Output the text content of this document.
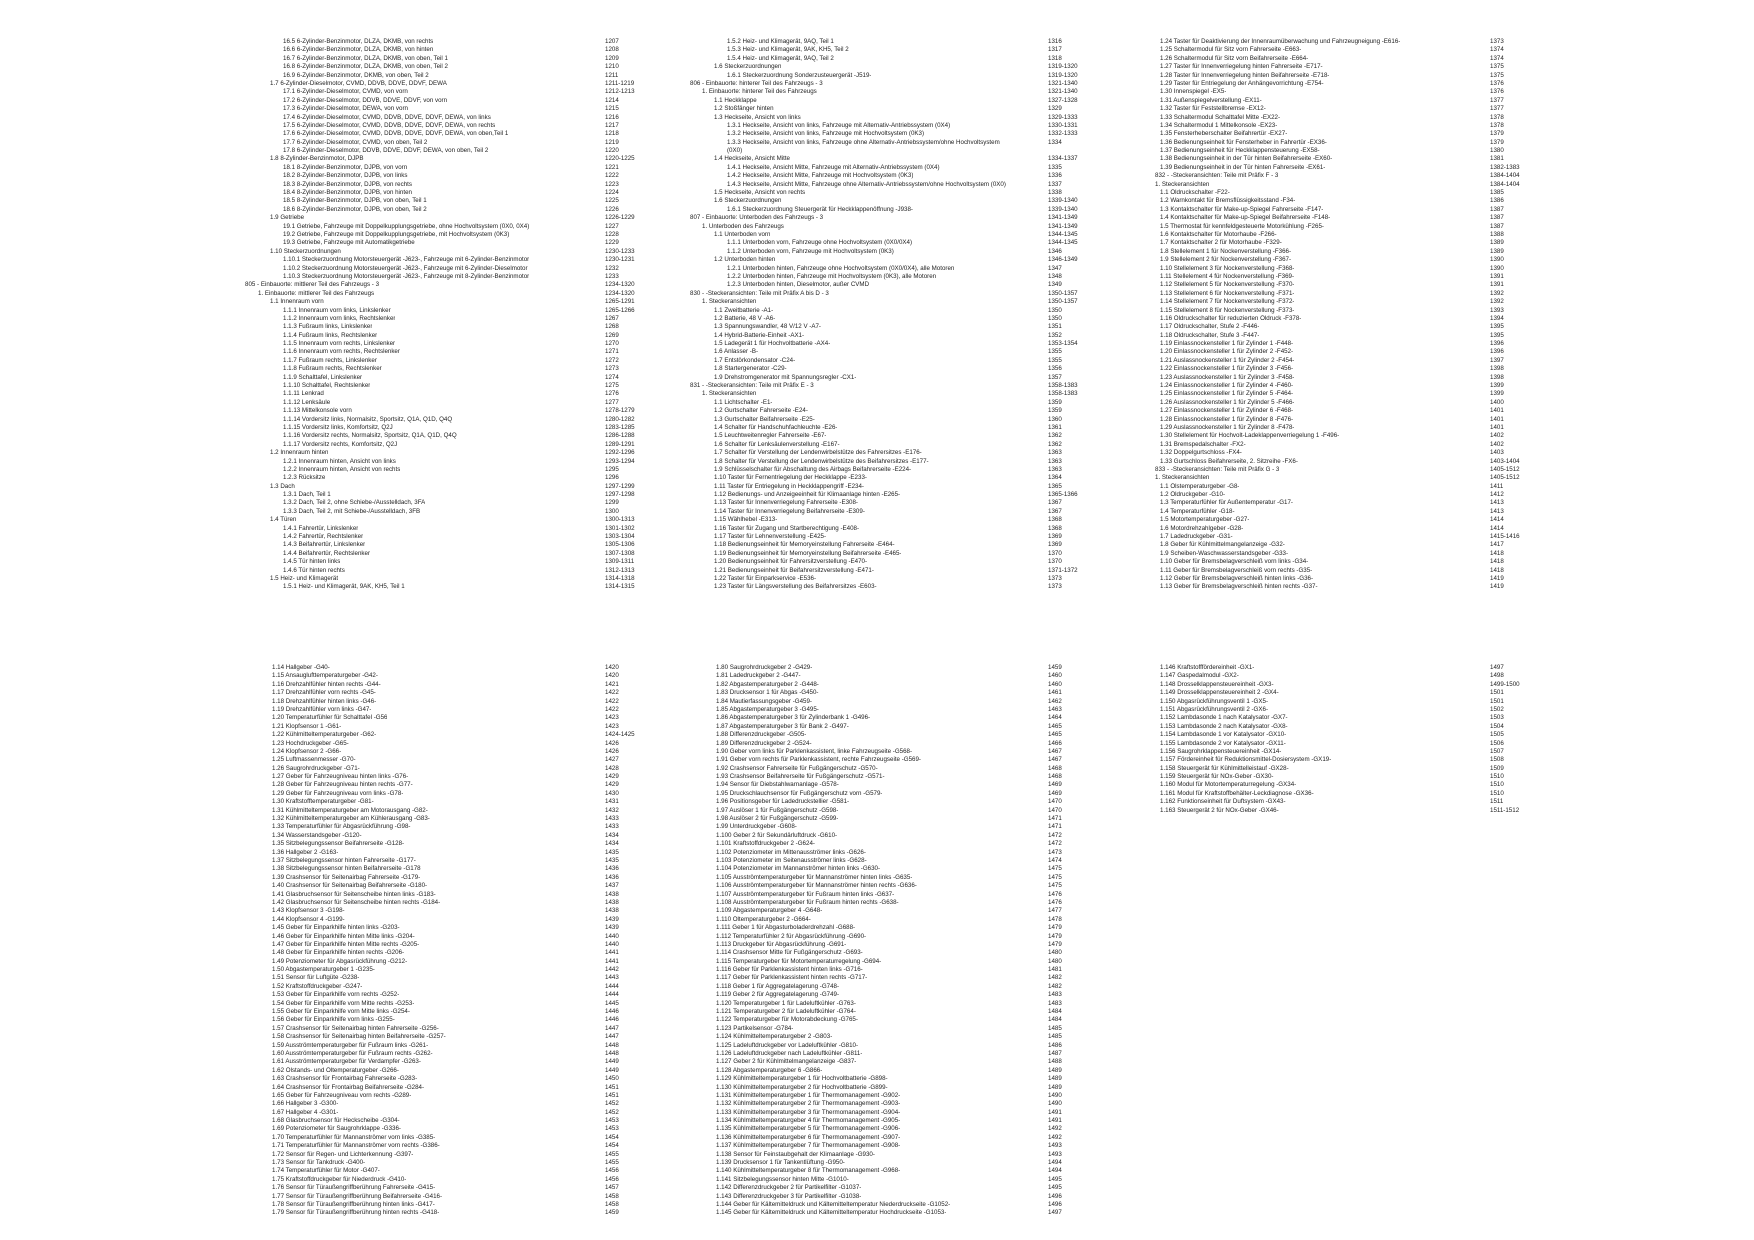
16.5 6-Zylinder-Benzinmotor, DLZA, DKMB, von rechts	1207
16.6 6-Zylinder-Benzinmotor, DLZA, DKMB, von hinten	1208
16.7 6-Zylinder-Benzinmotor, DLZA, DKMB, von oben, Teil 1	1209
16.8 6-Zylinder-Benzinmotor, DLZA, DKMB, von oben, Teil 2	1210
16.9 6-Zylinder-Benzinmotor, DKMB, von oben, Teil 2	1211
1.7 6-Zylinder-Dieselmotor, CVMD, DDVB, DDVE, DDVF, DEWA	1211-1219
17.1 6-Zylinder-Dieselmotor, CVMD, von vorn	1212-1213
17.2 6-Zylinder-Dieselmotor, DDVB, DDVE, DDVF, von vorn	1214
17.3 6-Zylinder-Dieselmotor, DEWA, von vorn	1215
17.4 6-Zylinder-Dieselmotor, CVMD, DDVB, DDVE, DDVF, DEWA, von links	1216
17.5 6-Zylinder-Dieselmotor, CVMD, DDVB, DDVE, DDVF, DEWA, von rechts	1217
17.6 6-Zylinder-Dieselmotor, CVMD, DDVB, DDVE, DDVF, DEWA, von oben,Teil 1	1218
17.7 6-Zylinder-Dieselmotor, CVMD, von oben, Teil 2	1219
17.8 6-Zylinder-Dieselmotor, DDVB, DDVE, DDVF, DEWA, von oben, Teil 2	1220
1.8 8-Zylinder-Benzinmotor, DJPB	1220-1225
18.1 8-Zylinder-Benzinmotor, DJPB, von vorn	1221
18.2 8-Zylinder-Benzinmotor, DJPB, von links	1222
18.3 8-Zylinder-Benzinmotor, DJPB, von rechts	1223
18.4 8-Zylinder-Benzinmotor, DJPB, von hinten	1224
18.5 8-Zylinder-Benzinmotor, DJPB, von oben, Teil 1	1225
18.6 8-Zylinder-Benzinmotor, DJPB, von oben, Teil 2	1226
1.9 Getriebe	1226-1229
19.1 Getriebe, Fahrzeuge mit Doppelkupplungsgetriebe, ohne Hochvoltsystem (0X0, 0X4)	1227
19.2 Getriebe, Fahrzeuge mit Doppelkupplungsgetriebe, mit Hochvoltsystem (0K3)	1228
19.3 Getriebe, Fahrzeuge mit Automatikgetriebe	1229
1.10 Steckerzuordnungen	1230-1233
1.10.1 Steckerzuordnung Motorsteuergerät -J623-, Fahrzeuge mit 6-Zylinder-Benzinmotor	1230-1231
1.10.2 Steckerzuordnung Motorsteuergerät -J623-, Fahrzeuge mit 6-Zylinder-Dieselmotor	1232
1.10.3 Steckerzuordnung Motorsteuergerät -J623-, Fahrzeuge mit 8-Zylinder-Benzinmotor	1233
805 - Einbauorte: mittlerer Teil des Fahrzeugs - 3	1234-1320
1. Einbauorte: mittlerer Teil des Fahrzeugs	1234-1320
1.1 Innenraum vorn	1265-1291
1.1.1 Innenraum vorn links, Linkslenker	1265-1266
1.1.2 Innenraum vorn links, Rechtslenker	1267
1.1.3 Fußraum links, Linkslenker	1268
1.1.4 Fußraum links, Rechtslenker	1269
1.1.5 Innenraum vorn rechts, Linkslenker	1270
1.1.6 Innenraum vorn rechts, Rechtslenker	1271
1.1.7 Fußraum rechts, Linkslenker	1272
1.1.8 Fußraum rechts, Rechtslenker	1273
1.1.9 Schalttafel, Linkslenker	1274
1.1.10 Schalttafel, Rechtslenker	1275
1.1.11 Lenkrad	1276
1.1.12 Lenksäule	1277
1.1.13 Mittelkonsole vorn	1278-1279
1.1.14 Vordersitz links, Normalsitz, Sportsitz, Q1A, Q1D, Q4Q	1280-1282
1.1.15 Vordersitz links, Komfortsitz, Q2J	1283-1285
1.1.16 Vordersitz rechts, Normalsitz, Sportsitz, Q1A, Q1D, Q4Q	1286-1288
1.1.17 Vordersitz rechts, Komfortsitz, Q2J	1289-1291
1.2 Innenraum hinten	1292-1296
1.2.1 Innenraum hinten, Ansicht von links	1293-1294
1.2.2 Innenraum hinten, Ansicht von rechts	1295
1.2.3 Rücksitze	1296
1.3 Dach	1297-1299
1.3.1 Dach, Teil 1	1297-1298
1.3.2 Dach, Teil 2, ohne Schiebe-/Ausstelldach, 3FA	1299
1.3.3 Dach, Teil 2, mit Schiebe-/Ausstelldach, 3FB	1300
1.4 Türen	1300-1313
1.4.1 Fahrertür, Linkslenker	1301-1302
1.4.2 Fahrertür, Rechtslenker	1303-1304
1.4.3 Beifahrertür, Linkslenker	1305-1306
1.4.4 Beifahrertür, Rechtslenker	1307-1308
1.4.5 Tür hinten links	1309-1311
1.4.6 Tür hinten rechts	1312-1313
1.5 Heiz- und Klimagerät	1314-1318
1.5.1 Heiz- und Klimagerät, 9AK, KH5, Teil 1	1314-1315
1.5.2 Heiz- und Klimagerät, 9AQ, Teil 1	1316
1.5.3 Heiz- und Klimagerät, 9AK, KH5, Teil 2	1317
1.5.4 Heiz- und Klimagerät, 9AQ, Teil 2	1318
1.6 Steckerzuordnungen	1319-1320
1.6.1 Steckerzuordnung Sonderzusteuergerät -J519-	1319-1320
806 - Einbauorte: hinterer Teil des Fahrzeugs - 3	1321-1340
1. Einbauorte: hinterer Teil des Fahrzeugs	1321-1340
1.1 Heckklappe	1327-1328
1.2 Stoßfänger hinten	1329
1.3 Heckseite, Ansicht von links	1329-1333
1.3.1 Heckseite, Ansicht von links, Fahrzeuge mit Alternativ-Antriebssystem (0X4)	1330-1331
1.3.2 Heckseite, Ansicht von links, Fahrzeuge mit Hochvoltsystem (0K3)	1332-1333
1.3.3 Heckseite, Ansicht von links, Fahrzeuge ohne Alternativ-Antriebssystem/ohne Hochvoltsystem	1334
(0X0)
1.4 Heckseite, Ansicht Mitte	1334-1337
1.4.1 Heckseite, Ansicht Mitte, Fahrzeuge mit Alternativ-Antriebssystem (0X4)	1335
1.4.2 Heckseite, Ansicht Mitte, Fahrzeuge mit Hochvoltsystem (0K3)	1336
1.4.3 Heckseite, Ansicht Mitte, Fahrzeuge ohne Alternativ-Antriebssystem/ohne Hochvoltsystem (0X0)	1337
1.5 Heckseite, Ansicht von rechts	1338
1.6 Steckerzuordnungen	1339-1340
1.6.1 Steckerzuordnung Steuergerät für Heckklappenöffnung -J938-	1339-1340
807 - Einbauorte: Unterboden des Fahrzeugs - 3	1341-1349
1. Unterboden des Fahrzeugs	1341-1349
1.1 Unterboden vorn	1344-1345
1.1.1 Unterboden vorn, Fahrzeuge ohne Hochvoltsystem (0X0/0X4)	1344-1345
1.1.2 Unterboden vorn, Fahrzeuge mit Hochvoltsystem (0K3)	1346
1.2 Unterboden hinten	1346-1349
1.2.1 Unterboden hinten, Fahrzeuge ohne Hochvoltsystem (0X0/0X4), alle Motoren	1347
1.2.2 Unterboden hinten, Fahrzeuge mit Hochvoltsystem (0K3), alle Motoren	1348
1.2.3 Unterboden hinten, Dieselmotor, außer CVMD	1349
830 - -Steckeransichten: Teile mit Präfix A bis D - 3	1350-1357
1. Steckeransichten	1350-1357
1.1 Zweitbatterie -A1-	1350
1.2 Batterie, 48 V -A6-	1350
1.3 Spannungswandler, 48 V/12 V -A7-	1351
1.4 Hybrid-Batterie-Einheit -AX1-	1352
1.5 Ladegerät 1 für Hochvoltbatterie -AX4-	1353-1354
1.6 Anlasser -B-	1355
1.7 Entstörkondensator -C24-	1355
1.8 Startergenerator -C29-	1356
1.9 Drehstromgenerator mit Spannungsregler -CX1-	1357
831 - -Steckeransichten: Teile mit Präfix E - 3	1358-1383
1. Steckeransichten	1358-1383
1.1 Lichtschalter -E1-	1359
1.2 Gurtschalter Fahrerseite -E24-	1359
1.3 Gurtschalter Beifahrerseite -E25-	1360
1.4 Schalter für Handschuhfachleuchte -E26-	1361
1.5 Leuchtweitenregler Fahrerseite -E67-	1362
1.6 Schalter für Lenksäulenverstellung -E167-	1362
1.7 Schalter für Verstellung der Lendenwirbelstütze des Fahrersitzes -E176-	1363
1.8 Schalter für Verstellung der Lendenwirbelstütze des Beifahrersitzes -E177-	1363
1.9 Schlüsselschalter für Abschaltung des Airbags Beifahrerseite -E224-	1363
1.10 Taster für Fernentriegelung der Heckklappe -E233-	1364
1.11 Taster für Entriegelung in Heckklappengriff -E234-	1365
1.12 Bedienungs- und Anzeigeeinheit für Klimaanlage hinten -E265-	1365-1366
1.13 Taster für Innenverriegelung Fahrerseite -E308-	1367
1.14 Taster für Innenverriegelung Beifahrerseite -E309-	1367
1.15 Wählhebel -E313-	1368
1.16 Taster für Zugang und Startberechtigung -E408-	1368
1.17 Taster für Lehnenverstellung -E425-	1369
1.18 Bedienungseinheit für Memoryeinstellung Fahrerseite -E464-	1369
1.19 Bedienungseinheit für Memoryeinstellung Beifahrerseite -E465-	1370
1.20 Bedienungseinheit für Fahrersitzverstellung -E470-	1370
1.21 Bedienungseinheit für Beifahrersitzverstellung -E471-	1371-1372
1.22 Taster für Einparkservice -E536-	1373
1.23 Taster für Längsverstellung des Beifahrersitzes -E603-	1373
1.24 Taster für Deaktivierung der Innenraumüberwachung und Fahrzeugneigung -E616-	1373
1.25 Schaltermodul für Sitz vorn Fahrerseite -E663-	1374
1.26 Schaltermodul für Sitz vorn Beifahrerseite -E664-	1374
1.27 Taster für Innenverriegelung hinten Fahrerseite -E717-	1375
1.28 Taster für Innenverriegelung hinten Beifahrerseite -E718-	1375
1.29 Taster für Entriegelung der Anhängevorrichtung -E754-	1376
1.30 Innenspiegel -EX5-	1376
1.31 Außenspiegelverstellung -EX11-	1377
1.32 Taster für Feststellbremse -EX12-	1377
1.33 Schaltermodul Schalttafel Mitte -EX22-	1378
1.34 Schaltermodul 1 Mittelkonsole -EX23-	1378
1.35 Fensterheberschalter Beifahrertür -EX27-	1379
1.36 Bedienungseinheit für Fensterheber in Fahrertür -EX36-	1379
1.37 Bedienungseinheit für Heckklappensteuerung -EX58-	1380
1.38 Bedienungseinheit in der Tür hinten Beifahrerseite -EX60-	1381
1.39 Bedienungseinheit in der Tür hinten Fahrerseite -EX61-	1382-1383
832 - -Steckeransichten: Teile mit Präfix F - 3	1384-1404
1. Steckeransichten	1384-1404
1.1 Öldruckschalter -F22-	1385
1.2 Warnkontakt für Bremsflüssigkeitsstand -F34-	1386
1.3 Kontaktschalter für Make-up-Spiegel Fahrerseite -F147-	1387
1.4 Kontaktschalter für Make-up-Spiegel Beifahrerseite -F148-	1387
1.5 Thermostat für kennfeldgesteuerte Motorkühlung -F265-	1387
1.6 Kontaktschalter für Motorhaube -F266-	1388
1.7 Kontaktschalter 2 für Motorhaube -F329-	1389
1.8 Stellelement 1 für Nockenverstellung -F366-	1389
1.9 Stellelement 2 für Nockenverstellung -F367-	1390
1.10 Stellelement 3 für Nockenverstellung -F368-	1390
1.11 Stellelement 4 für Nockenverstellung -F369-	1391
1.12 Stellelement 5 für Nockenverstellung -F370-	1391
1.13 Stellelement 6 für Nockenverstellung -F371-	1392
1.14 Stellelement 7 für Nockenverstellung -F372-	1392
1.15 Stellelement 8 für Nockenverstellung -F373-	1393
1.16 Öldruckschalter für reduzierten Öldruck -F378-	1394
1.17 Öldruckschalter, Stufe 2 -F446-	1395
1.18 Öldruckschalter, Stufe 3 -F447-	1395
1.19 Einlassnockensteller 1 für Zylinder 1 -F448-	1396
1.20 Einlassnockensteller 1 für Zylinder 2 -F452-	1396
1.21 Auslassnockensteller 1 für Zylinder 2 -F454-	1397
1.22 Einlassnockensteller 1 für Zylinder 3 -F456-	1398
1.23 Auslassnockensteller 1 für Zylinder 3 -F458-	1398
1.24 Einlassnockensteller 1 für Zylinder 4 -F460-	1399
1.25 Einlassnockensteller 1 für Zylinder 5 -F464-	1399
1.26 Auslassnockensteller 1 für Zylinder 5 -F466-	1400
1.27 Einlassnockensteller 1 für Zylinder 6 -F468-	1401
1.28 Einlassnockensteller 1 für Zylinder 8 -F476-	1401
1.29 Auslassnockensteller 1 für Zylinder 8 -F478-	1401
1.30 Stellelement für Hochvolt-Ladeklappenverriegelung 1 -F496-	1402
1.31 Bremspedalschalter -FX2-	1402
1.32 Doppelgurtschloss -FX4-	1403
1.33 Gurtschloss Beifahrerseite, 2. Sitzreihe -FX6-	1403-1404
833 - -Steckeransichten: Teile mit Präfix G - 3	1405-1512
1. Steckeransichten	1405-1512
1.1 Ölstemperaturgeber -G8-	1411
1.2 Öldruckgeber -G10-	1412
1.3 Temperaturfühler für Außentemperatur -G17-	1413
1.4 Temperaturfühler -G18-	1413
1.5 Motortemperaturgeber -G27-	1414
1.6 Motordrehzahlgeber -G28-	1414
1.7 Ladedruckgeber -G31-	1415-1416
1.8 Geber für Kühlmittelmangelanzeige -G32-	1417
1.9 Scheiben-Waschwasserstandsgeber -G33-	1418
1.10 Geber für Bremsbelagverschleiß vorn links -G34-	1418
1.11 Geber für Bremsbelagverschleiß vorn rechts -G35-	1418
1.12 Geber für Bremsbelagverschleiß hinten links -G36-	1419
1.13 Geber für Bremsbelagverschleiß hinten rechts -G37-	1419
1.14 Hallgeber -G40-	1420
1.15 Ansauglufttemperaturgeber -G42-	1420
1.16 Drehzahlfühler hinten rechts -G44-	1421
1.17 Drehzahlfühler vorn rechts -G45-	1422
1.18 Drehzahlfühler hinten links -G46-	1422
1.19 Drehzahlfühler vorn links -G47-	1422
1.20 Temperaturfühler für Schalttafel -G56	1423
1.21 Klopfsensor 1 -G61-	1423
1.22 Kühlmitteltemperaturgeber -G62-	1424-1425
1.23 Hochdruckgeber -G65-	1426
1.24 Klopfsensor 2 -G66-	1426
1.25 Luftmassenmesser -G70-	1427
1.26 Saugrohrdruckgeber -G71-	1428
1.27 Geber für Fahrzeugniveau hinten links -G76-	1429
1.28 Geber für Fahrzeugniveau hinten rechts -G77-	1429
1.29 Geber für Fahrzeugniveau vorn links -G78-	1430
1.30 Kraftstofftemperaturgeber -G81-	1431
1.31 Kühlmitteltemperaturgeber am Motorausgang -G82-	1432
1.32 Kühlmitteltemperaturgeber am Kühlerausgang -G83-	1433
1.33 Temperaturfühler für Abgasrückführung -G98-	1433
1.34 Wasserstandsgeber -G120-	1434
1.35 Sitzbelegungssensor Beifahrerseite -G128-	1434
1.36 Hallgeber 2 -G163-	1435
1.37 Sitzbelegungssensor hinten Fahrerseite -G177-	1435
1.38 Sitzbelegungssensor hinten Beifahrerseite -G178	1436
1.39 Crashsensor für Seitenairbag Fahrerseite -G179-	1436
1.40 Crashsensor für Seitenairbag Beifahrerseite -G180-	1437
1.41 Glasbruchsensor für Seitenscheibe hinten links -G183-	1438
1.42 Glasbruchsensor für Seitenscheibe hinten rechts -G184-	1438
1.43 Klopfsensor 3 -G198-	1438
1.44 Klopfsensor 4 -G199-	1439
1.45 Geber für Einparkhilfe hinten links -G203-	1439
1.46 Geber für Einparkhilfe hinten Mitte links -G204-	1440
1.47 Geber für Einparkhilfe hinten Mitte rechts -G205-	1440
1.48 Geber für Einparkhilfe hinten rechts -G206-	1441
1.49 Potenziometer für Abgasrückführung -G212-	1441
1.50 Abgastemperaturgeber 1 -G235-	1442
1.51 Sensor für Luftgüte -G238-	1443
1.52 Kraftstoffdruckgeber -G247-	1444
1.53 Geber für Einparkhilfe vorn rechts -G252-	1444
1.54 Geber für Einparkhilfe vorn Mitte rechts -G253-	1445
1.55 Geber für Einparkhilfe vorn Mitte links -G254-	1446
1.56 Geber für Einparkhilfe vorn links -G255-	1446
1.57 Crashsensor für Seitenairbag hinten Fahrerseite -G256-	1447
1.58 Crashsensor für Seitenairbag hinten Beifahrerseite -G257-	1447
1.59 Ausströmtemperaturgeber für Fußraum links -G261-	1448
1.60 Ausströmtemperaturgeber für Fußraum rechts -G262-	1448
1.61 Ausströmtemperaturgeber für Verdampfer -G263-	1449
1.62 Ölstands- und Öltemperaturgeber -G266-	1449
1.63 Crashsensor für Frontairbag Fahrerseite -G283-	1450
1.64 Crashsensor für Frontairbag Beifahrerseite -G284-	1451
1.65 Geber für Fahrzeugniveau vorn rechts -G289-	1451
1.66 Hallgeber 3 -G300-	1452
1.67 Hallgeber 4 -G301-	1452
1.68 Glasbruchsensor für Heckscheibe -G304-	1453
1.69 Potenziometer für Saugrohrklappe -G336-	1453
1.70 Temperaturfühler für Mannanströmer vorn links -G385-	1454
1.71 Temperaturfühler für Mannanströmer vorn rechts -G386-	1454
1.72 Sensor für Regen- und Lichterkennung -G397-	1455
1.73 Sensor für Tankdruck -G400-	1455
1.74 Temperaturfühler für Motor -G407-	1456
1.75 Kraftstoffdruckgeber für Niederdruck -G410-	1456
1.76 Sensor für Türaußengriffberührung Fahrerseite -G415-	1457
1.77 Sensor für Türaußengriffberührung Beifahrerseite -G416-	1458
1.78 Sensor für Türaußengriffberührung hinten links -G417-	1458
1.79 Sensor für Türaußengriffberührung hinten rechts -G418-	1459
1.80 Saugrohrdruckgeber 2 -G429-	1459
1.81 Ladedruckgeber 2 -G447-	1460
1.82 Abgastemperaturgeber 2 -G448-	1460
1.83 Drucksensor 1 für Abgas -G450-	1461
1.84 Mautierfassungsgeber -G459-	1462
1.85 Abgastemperaturgeber 3 -G495-	1463
1.86 Abgastemperaturgeber 3 für Zylinderbank 1 -G496-	1464
1.87 Abgastemperaturgeber 3 für Bank 2 -G497-	1465
1.88 Differenzdruckgeber -G505-	1465
1.89 Differenzdruckgeber 2 -G524-	1466
1.90 Geber vorn links für Parklenkassistent, linke Fahrzeugseite -G568-	1467
1.91 Geber vorn rechts für Parklenkassistent, rechte Fahrzeugseite -G569-	1467
1.92 Crashsensor Fahrerseite für Fußgängerschutz -G570-	1468
1.93 Crashsensor Beifahrerseite für Fußgängerschutz -G571-	1468
1.94 Sensor für Diebstahlwarnanlage -G578-	1469
1.95 Druckschlauchsensor für Fußgängerschutz vorn -G579-	1469
1.96 Positionsgeber für Ladedruckstellier -G581-	1470
1.97 Auslöser 1 für Fußgängerschutz -G598-	1470
1.98 Auslöser 2 für Fußgängerschutz -G599-	1471
1.99 Unterdruckgeber -G608-	1471
1.100 Geber 2 für Sekundärluftdruck -G610-	1472
1.101 Kraftstoffdruckgeber 2 -G624-	1472
1.102 Potenziometer im Mittenausströmer links -G626-	1473
1.103 Potenziometer im Seitenausströmer links -G628-	1474
1.104 Potenziometer im Mannanströmer hinten links -G630-	1475
1.105 Ausströmtemperaturgeber für Mannanströmer hinten links -G635-	1475
1.106 Ausströmtemperaturgeber für Mannanströmer hinten rechts -G636-	1475
1.107 Ausströmtemperaturgeber für Fußraum hinten links -G637-	1476
1.108 Ausströmtemperaturgeber für Fußraum hinten rechts -G638-	1476
1.109 Abgastemperaturgeber 4 -G648-	1477
1.110 Öltemperaturgeber 2 -G664-	1478
1.111 Geber 1 für Abgasturboladerdrehzahl -G688-	1479
1.112 Temperaturfühler 2 für Abgasrückführung -G690-	1479
1.113 Druckgeber für Abgasrückführung -G691-	1479
1.114 Crashsensor Mitte für Fußgängerschutz -G693-	1480
1.115 Temperaturgeber für Motortemperaturregelung -G694-	1480
1.116 Geber für Parklenkassistent hinten links -G716-	1481
1.117 Geber für Parklenkassistent hinten rechts -G717-	1482
1.118 Geber 1 für Aggregatelagerung -G748-	1482
1.119 Geber 2 für Aggregatelagerung -G749-	1483
1.120 Temperaturgeber 1 für Ladeluftkühler -G763-	1483
1.121 Temperaturgeber 2 für Ladeluftkühler -G764-	1484
1.122 Temperaturgeber für Motorabdeckung -G765-	1484
1.123 Partikelsensor -G784-	1485
1.124 Kühlmitteltemperaturgeber 2 -G803-	1485
1.125 Ladeluftdruckgeber vor Ladeluftkühler -G810-	1486
1.126 Ladeluftdruckgeber nach Ladeluftkühler -G811-	1487
1.127 Geber 2 für Kühlmittelmangelanzeige -G837-	1488
1.128 Abgastemperaturgeber 6 -G866-	1489
1.129 Kühlmitteltemperaturgeber 1 für Hochvoltbatterie -G898-	1489
1.130 Kühlmitteltemperaturgeber 2 für Hochvoltbatterie -G899-	1489
1.131 Kühlmitteltemperaturgeber 1 für Thermomanagement -G902-	1490
1.132 Kühlmitteltemperaturgeber 2 für Thermomanagement -G903-	1490
1.133 Kühlmitteltemperaturgeber 3 für Thermomanagement -G904-	1491
1.134 Kühlmitteltemperaturgeber 4 für Thermomanagement -G905-	1491
1.135 Kühlmitteltemperaturgeber 5 für Thermomanagement -G906-	1492
1.136 Kühlmitteltemperaturgeber 6 für Thermomanagement -G907-	1492
1.137 Kühlmitteltemperaturgeber 7 für Thermomanagement -G908-	1493
1.138 Sensor für Feinstaubgehalt der Klimaanlage -G930-	1493
1.139 Drucksensor 1 für Tankentlüftung -G950-	1494
1.140 Kühlmitteltemperaturgeber 8 für Thermomanagement -G968-	1494
1.141 Sitzbelegungssensor hinten Mitte -G1010-	1495
1.142 Differenzdruckgeber 2 für Partikelfilter -G1037-	1495
1.143 Differenzdruckgeber 3 für Partikelfilter -G1038-	1496
1.144 Geber für Kältemitteldruck und Kältemitteltemperatur Niederdruckseite -G1052-	1496
1.145 Geber für Kältemitteldruck und Kältemitteltemperatur Hochdruckseite -G1053-	1497
1.146 Kraftstofffördereinheit -GX1-	1497
1.147 Gaspedalmodul -GX2-	1498
1.148 Drosselklappensteuereinheit -GX3-	1499-1500
1.149 Drosselklappensteuereinheit 2 -GX4-	1501
1.150 Abgasrückführungsventil 1 -GX5-	1501
1.151 Abgasrückführungsventil 2 -GX6-	1502
1.152 Lambdasonde 1 nach Katalysator -GX7-	1503
1.153 Lambdasonde 2 nach Katalysator -GX8-	1504
1.154 Lambdasonde 1 vor Katalysator -GX10-	1505
1.155 Lambdasonde 2 vor Katalysator -GX11-	1506
1.156 Saugrohrklappensteuereinheit -GX14-	1507
1.157 Fördereinheit für Reduktionsmittel-Dosiersystem -GX19-	1508
1.158 Steuergerät für Kühlmittelleistauf -GX28-	1509
1.159 Steuergerät für NOx-Geber -GX30-	1510
1.160 Modul für Motortemperaturregelung -GX34-	1510
1.161 Modul für Kraftstoffbehälter-Leckdiagnose -GX36-	1510
1.162 Funktionseinheit für Duftsystem -GX43-	1511
1.163 Steuergerät 2 für NOx-Geber -GX46-	1511-1512
